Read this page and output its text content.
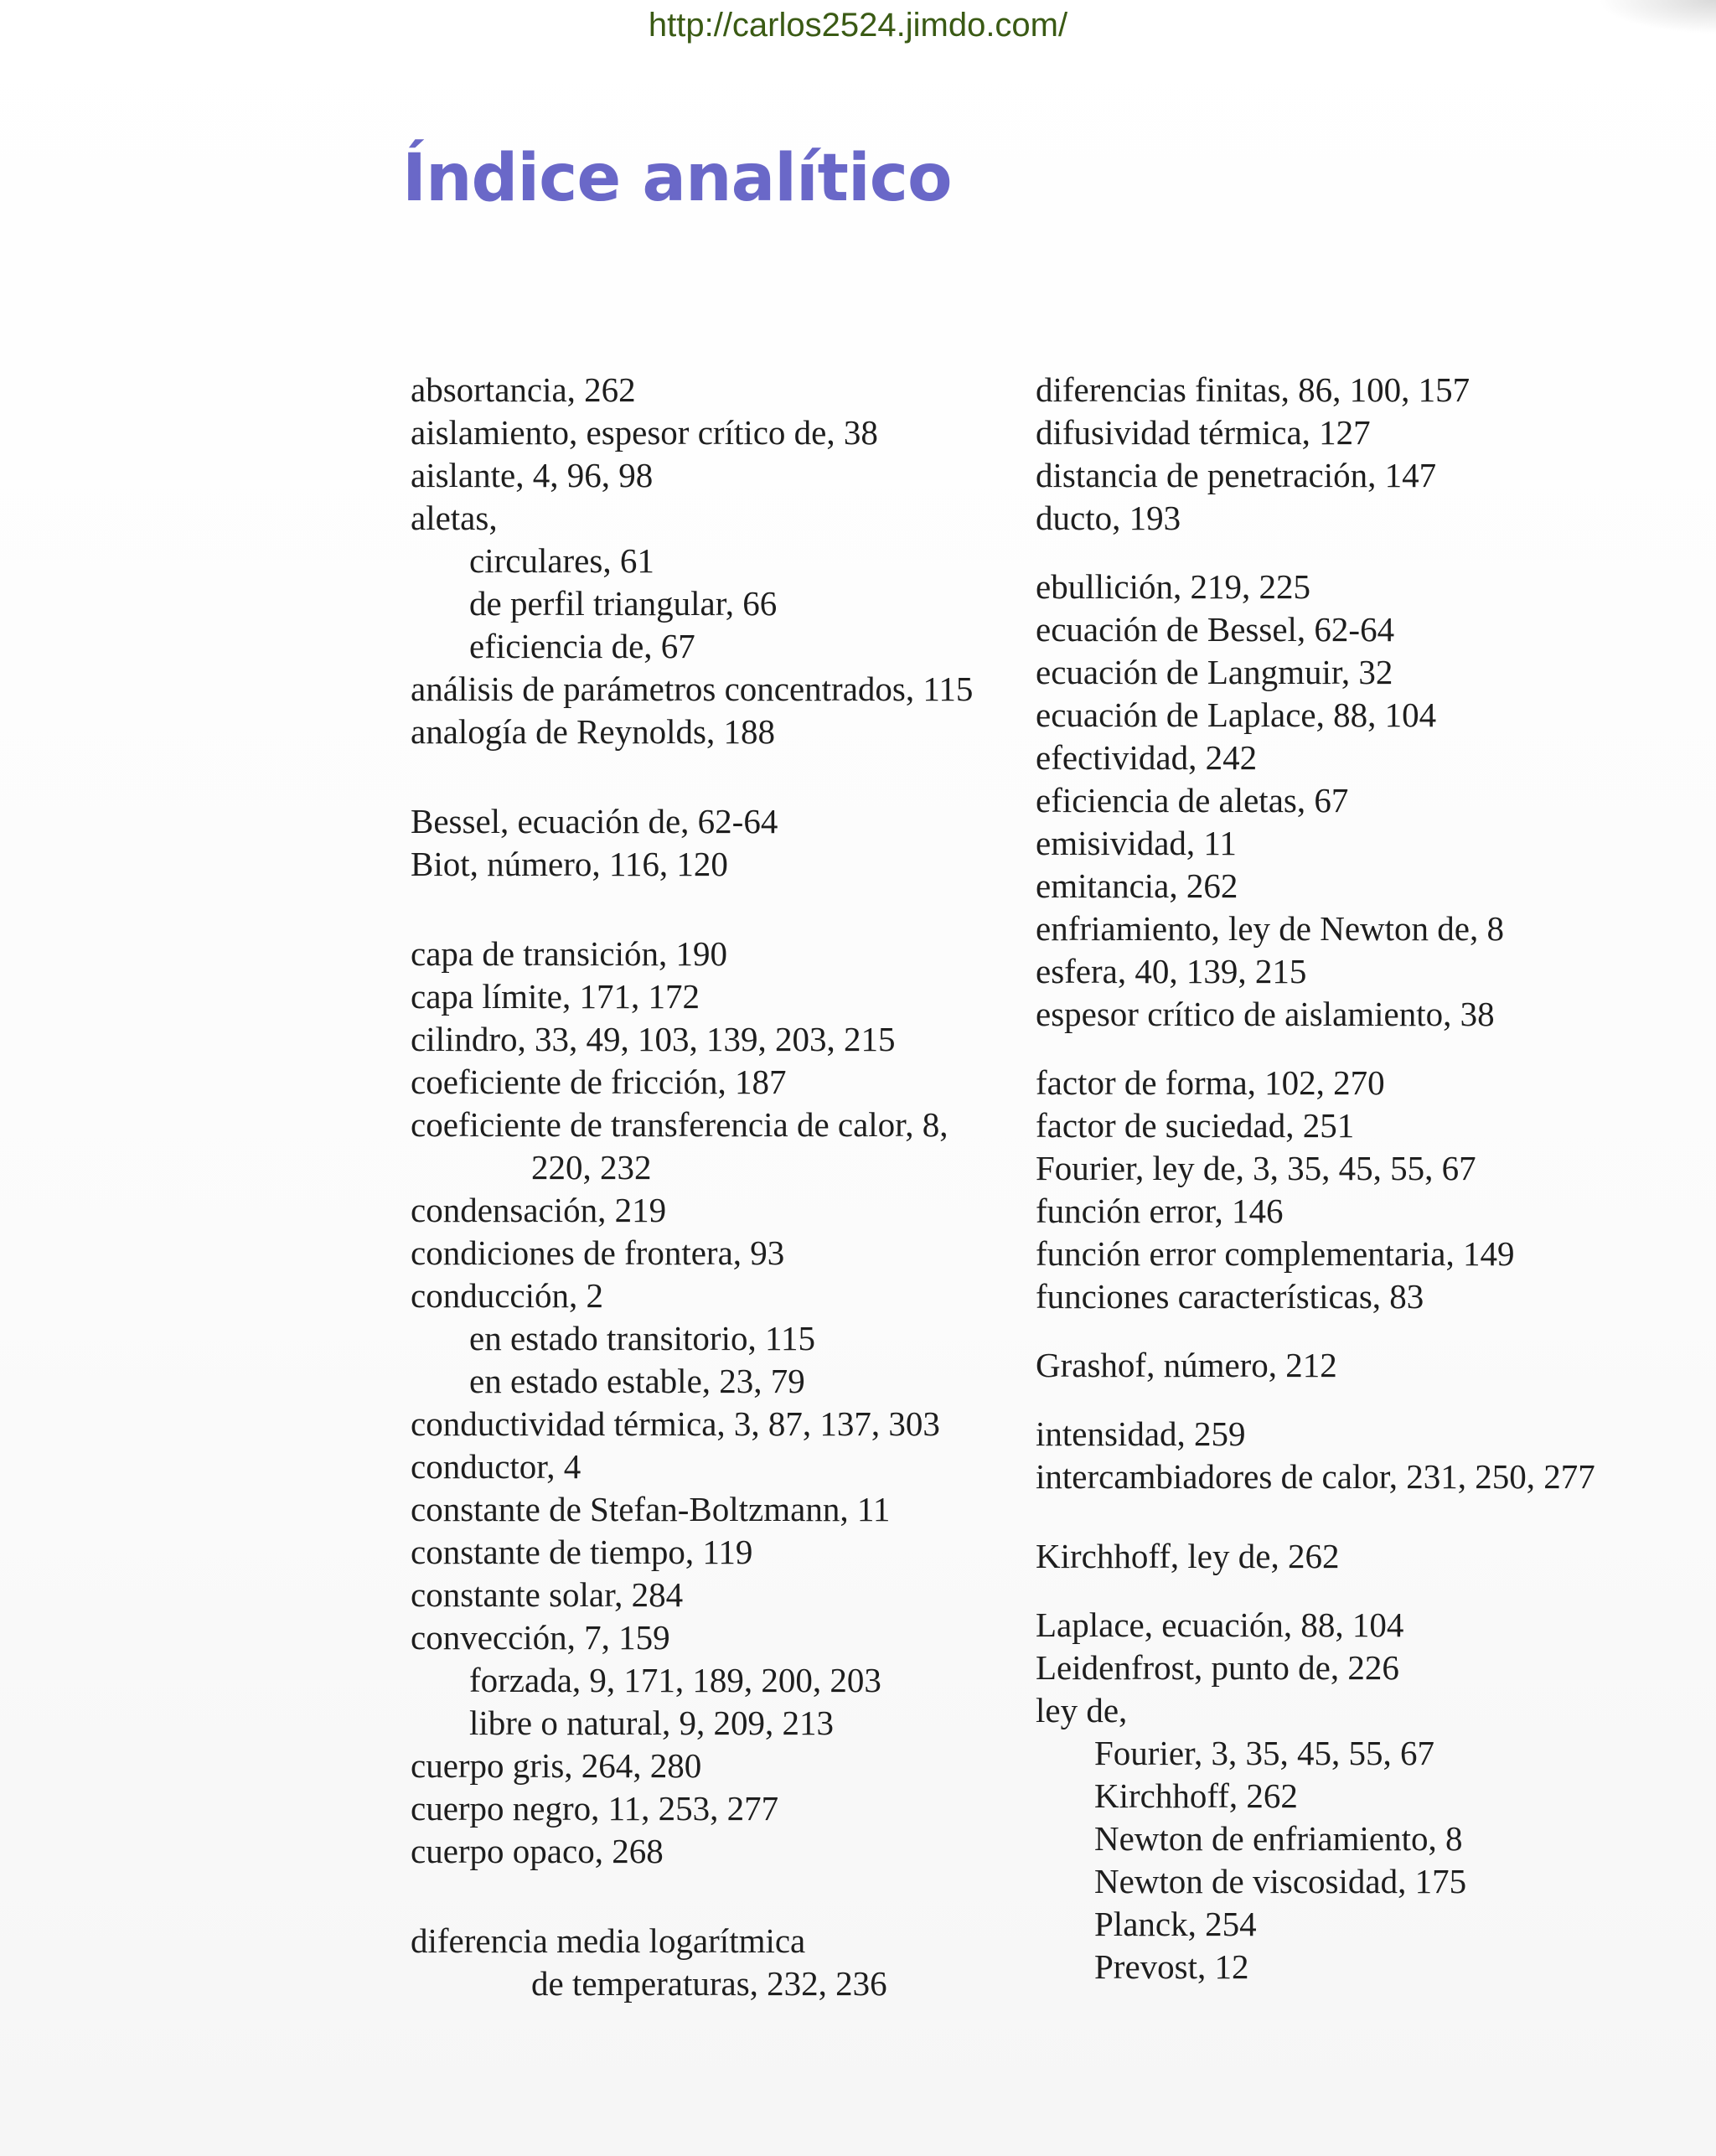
http://carlos2524.jimdo.com/
Índice analítico
absortancia, 262
aislamiento, espesor crítico de, 38
aislante, 4, 96, 98
aletas,
circulares, 61
de perfil triangular, 66
eficiencia de, 67
análisis de parámetros concentrados, 115
analogía de Reynolds, 188
Bessel, ecuación de, 62-64
Biot, número, 116, 120
capa de transición, 190
capa límite, 171, 172
cilindro, 33, 49, 103, 139, 203, 215
coeficiente de fricción, 187
coeficiente de transferencia de calor, 8,
220, 232
condensación, 219
condiciones de frontera, 93
conducción, 2
en estado transitorio, 115
en estado estable, 23, 79
conductividad térmica, 3, 87, 137, 303
conductor, 4
constante de Stefan-Boltzmann, 11
constante de tiempo, 119
constante solar, 284
convección, 7, 159
forzada, 9, 171, 189, 200, 203
libre o natural, 9, 209, 213
cuerpo gris, 264, 280
cuerpo negro, 11, 253, 277
cuerpo opaco, 268
diferencia media logarítmica
de temperaturas, 232, 236
diferencias finitas, 86, 100, 157
difusividad térmica, 127
distancia de penetración, 147
ducto, 193
ebullición, 219, 225
ecuación de Bessel, 62-64
ecuación de Langmuir, 32
ecuación de Laplace, 88, 104
efectividad, 242
eficiencia de aletas, 67
emisividad, 11
emitancia, 262
enfriamiento, ley de Newton de, 8
esfera, 40, 139, 215
espesor crítico de aislamiento, 38
factor de forma, 102, 270
factor de suciedad, 251
Fourier, ley de, 3, 35, 45, 55, 67
función error, 146
función error complementaria, 149
funciones características, 83
Grashof, número, 212
intensidad, 259
intercambiadores de calor, 231, 250, 277
Kirchhoff, ley de, 262
Laplace, ecuación, 88, 104
Leidenfrost, punto de, 226
ley de,
Fourier, 3, 35, 45, 55, 67
Kirchhoff, 262
Newton de enfriamiento, 8
Newton de viscosidad, 175
Planck, 254
Prevost, 12
